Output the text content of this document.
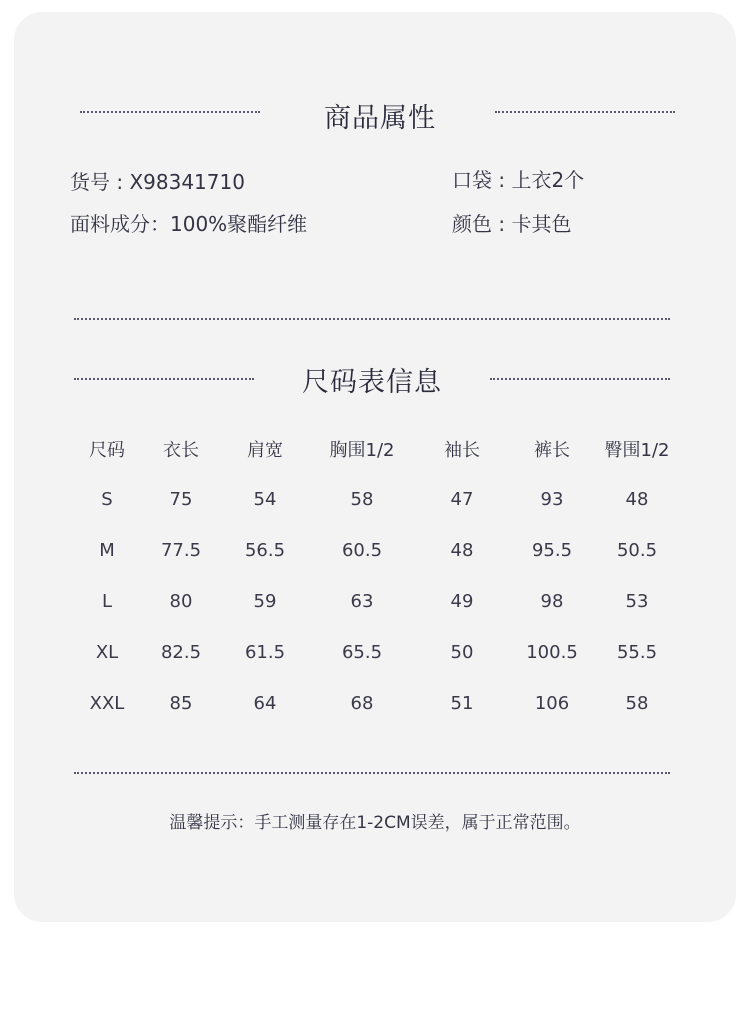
商品属性
货号 : X98341710	口袋 : 上衣2个
面料成分：100%聚酯纤维	颜色 : 卡其色
尺码表信息
尺码	衣长	肩宽	胸围1/2	袖长	裤长	臀围1/2
S	75	54	58	47	93	48
M	77.5	56.5	60.5	48	95.5	50.5
L	80	59	63	49	98	53
XL	82.5	61.5	65.5	50	100.5	55.5
XXL	85	64	68	51	106	58
温馨提示：手工测量存在1-2CM误差，属于正常范围。
